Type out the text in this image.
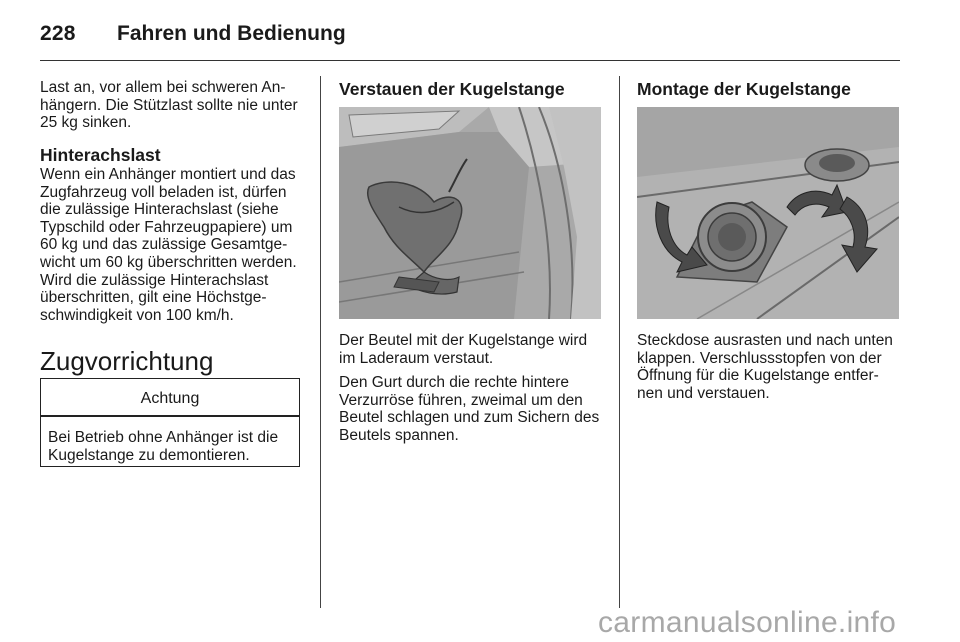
228 Fahren und Bedienung

Last an, vor allem bei schweren An-hängern. Die Stützlast sollte nie unter 25 kg sinken.

Hinterachslast

Wenn ein Anhänger montiert und das Zugfahrzeug voll beladen ist, dürfen die zulässige Hinterachslast (siehe Typschild oder Fahrzeugpapiere) um 60 kg und das zulässige Gesamtge-wicht um 60 kg überschritten werden. Wird die zulässige Hinterachslast überschritten, gilt eine Höchstge-schwindigkeit von 100 km/h.

Zugvorrichtung
Achtung
Bei Betrieb ohne Anhänger ist die Kugelstange zu demontieren.
Verstauen der Kugelstange

Der Beutel mit der Kugelstange wird im Laderaum verstaut.

Den Gurt durch die rechte hintere Verzurröse führen, zweimal um den Beutel schlagen und zum Sichern des Beutels spannen.

Montage der Kugelstange

Steckdose ausrasten und nach unten klappen. Verschlussstopfen von der Öffnung für die Kugelstange entfer-nen und verstauen.

carmanualsonline.info
